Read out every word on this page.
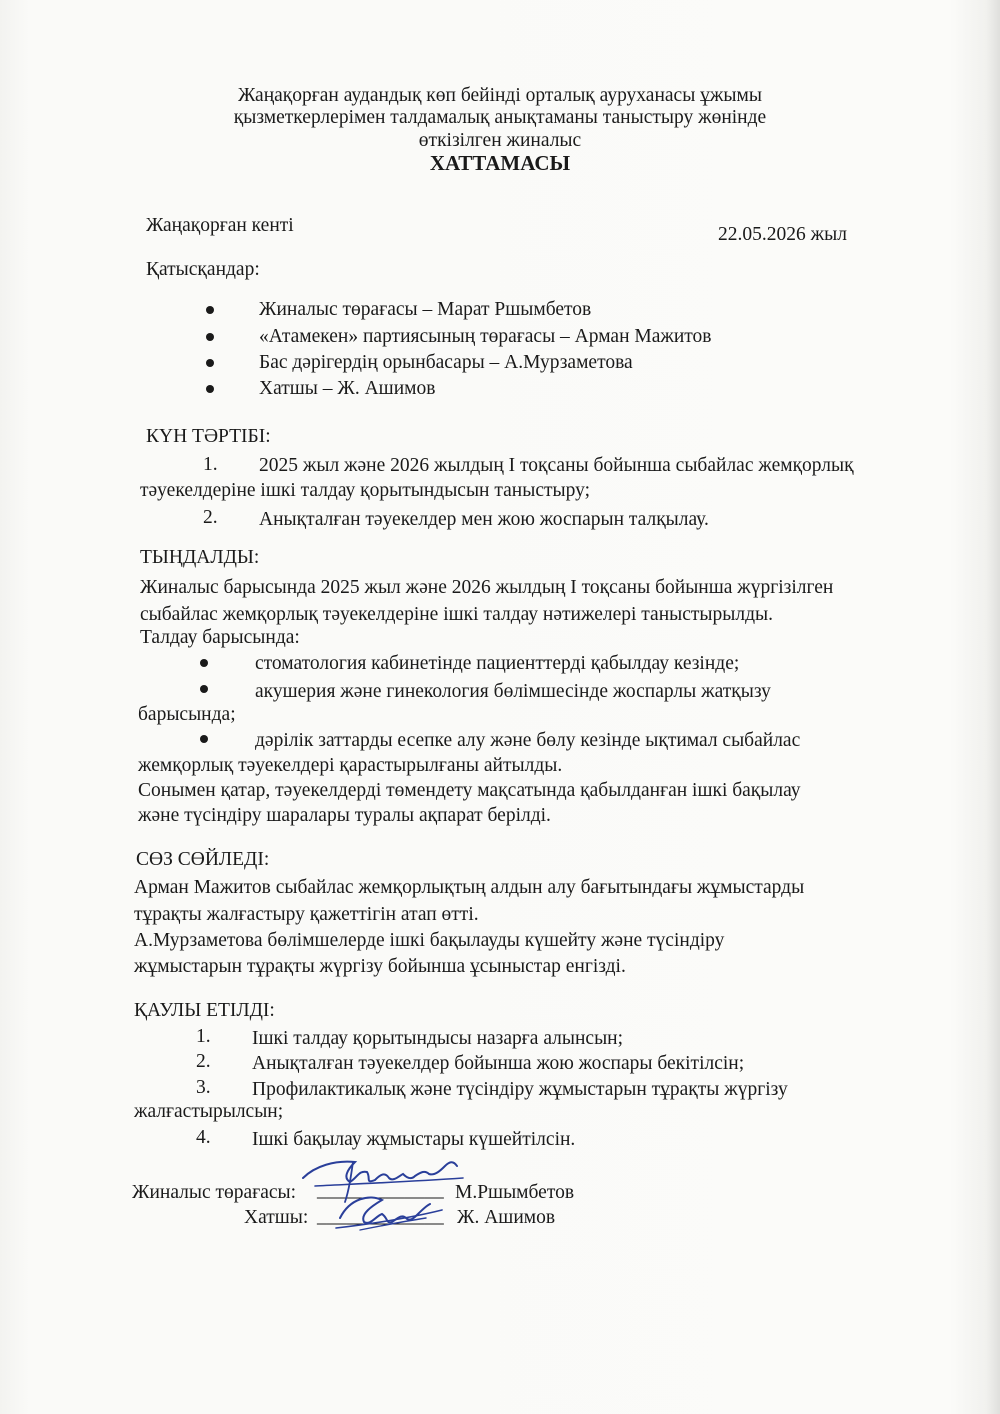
Жаңақорған аудандық көп бейінді орталық ауруханасы ұжымы
қызметкерлерімен талдамалық анықтаманы таныстыру жөнінде
өткізілген жиналыс
ХАТТАМАСЫ
Жаңақорған кенті	22.05.2026 жыл
Қатысқандар:
Жиналыс төрағасы – Марат Ршымбетов
«Атамекен» партиясының төрағасы – Арман Мажитов
Бас дәрігердің орынбасары – А.Мурзаметова
Хатшы – Ж. Ашимов
КҮН ТӘРТІБІ:
1. 2025 жыл және 2026 жылдың І тоқсаны бойынша сыбайлас жемқорлық
тәуекелдеріне ішкі талдау қорытындысын таныстыру;
2. Анықталған тәуекелдер мен жою жоспарын талқылау.
ТЫҢДАЛДЫ:
Жиналыс барысында 2025 жыл және 2026 жылдың І тоқсаны бойынша жүргізілген
сыбайлас жемқорлық тәуекелдеріне ішкі талдау нәтижелері таныстырылды.
Талдау барысында:
стоматология кабинетінде пациенттерді қабылдау кезінде;
акушерия және гинекология бөлімшесінде жоспарлы жатқызу
барысында;
дәрілік заттарды есепке алу және бөлу кезінде ықтимал сыбайлас
жемқорлық тәуекелдері қарастырылғаны айтылды.
Сонымен қатар, тәуекелдерді төмендету мақсатында қабылданған ішкі бақылау
және түсіндіру шаралары туралы ақпарат берілді.
СӨЗ СӨЙЛЕДІ:
Арман Мажитов сыбайлас жемқорлықтың алдын алу бағытындағы жұмыстарды
тұрақты жалғастыру қажеттігін атап өтті.
А.Мурзаметова бөлімшелерде ішкі бақылауды күшейту және түсіндіру
жұмыстарын тұрақты жүргізу бойынша ұсыныстар енгізді.
ҚАУЛЫ ЕТІЛДІ:
1. Ішкі талдау қорытындысы назарға алынсын;
2. Анықталған тәуекелдер бойынша жою жоспары бекітілсін;
3. Профилактикалық және түсіндіру жұмыстарын тұрақты жүргізу
жалғастырылсын;
4. Ішкі бақылау жұмыстары күшейтілсін.
Жиналыс төрағасы: _____________ М.Ршымбетов
Хатшы: _____________ Ж. Ашимов
